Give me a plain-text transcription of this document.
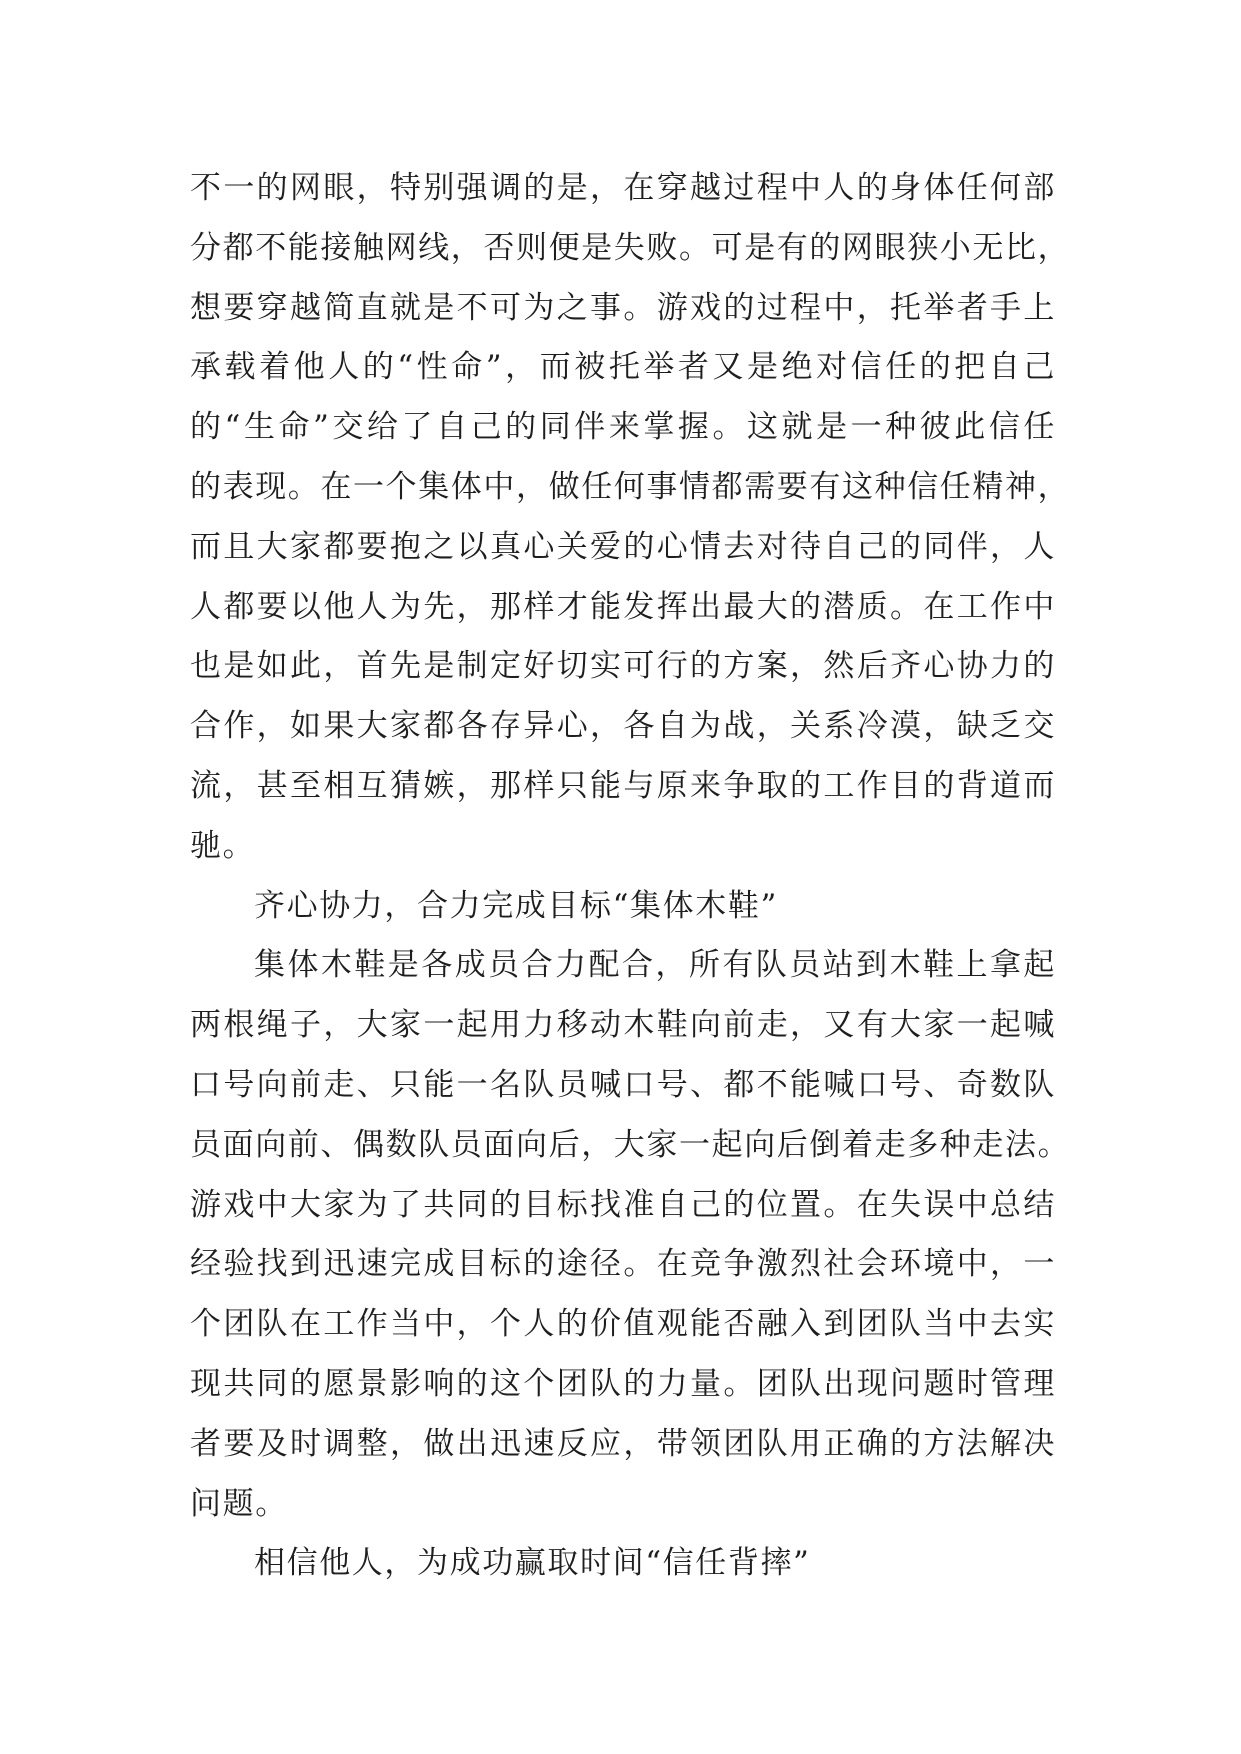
不一的网眼，特别强调的是，在穿越过程中人的身体任何部
分都不能接触网线，否则便是失败。可是有的网眼狭小无比，
想要穿越简直就是不可为之事。游戏的过程中，托举者手上
承载着他人的“性命”，而被托举者又是绝对信任的把自己
的“生命”交给了自己的同伴来掌握。这就是一种彼此信任
的表现。在一个集体中，做任何事情都需要有这种信任精神，
而且大家都要抱之以真心关爱的心情去对待自己的同伴，人
人都要以他人为先，那样才能发挥出最大的潜质。在工作中
也是如此，首先是制定好切实可行的方案，然后齐心协力的
合作，如果大家都各存异心，各自为战，关系冷漠，缺乏交
流，甚至相互猜嫉，那样只能与原来争取的工作目的背道而
驰。
齐心协力，合力完成目标“集体木鞋”
集体木鞋是各成员合力配合，所有队员站到木鞋上拿起
两根绳子，大家一起用力移动木鞋向前走，又有大家一起喊
口号向前走、只能一名队员喊口号、都不能喊口号、奇数队
员面向前、偶数队员面向后，大家一起向后倒着走多种走法。
游戏中大家为了共同的目标找准自己的位置。在失误中总结
经验找到迅速完成目标的途径。在竞争激烈社会环境中，一
个团队在工作当中，个人的价值观能否融入到团队当中去实
现共同的愿景影响的这个团队的力量。团队出现问题时管理
者要及时调整，做出迅速反应，带领团队用正确的方法解决
问题。
相信他人，为成功赢取时间“信任背摔”
